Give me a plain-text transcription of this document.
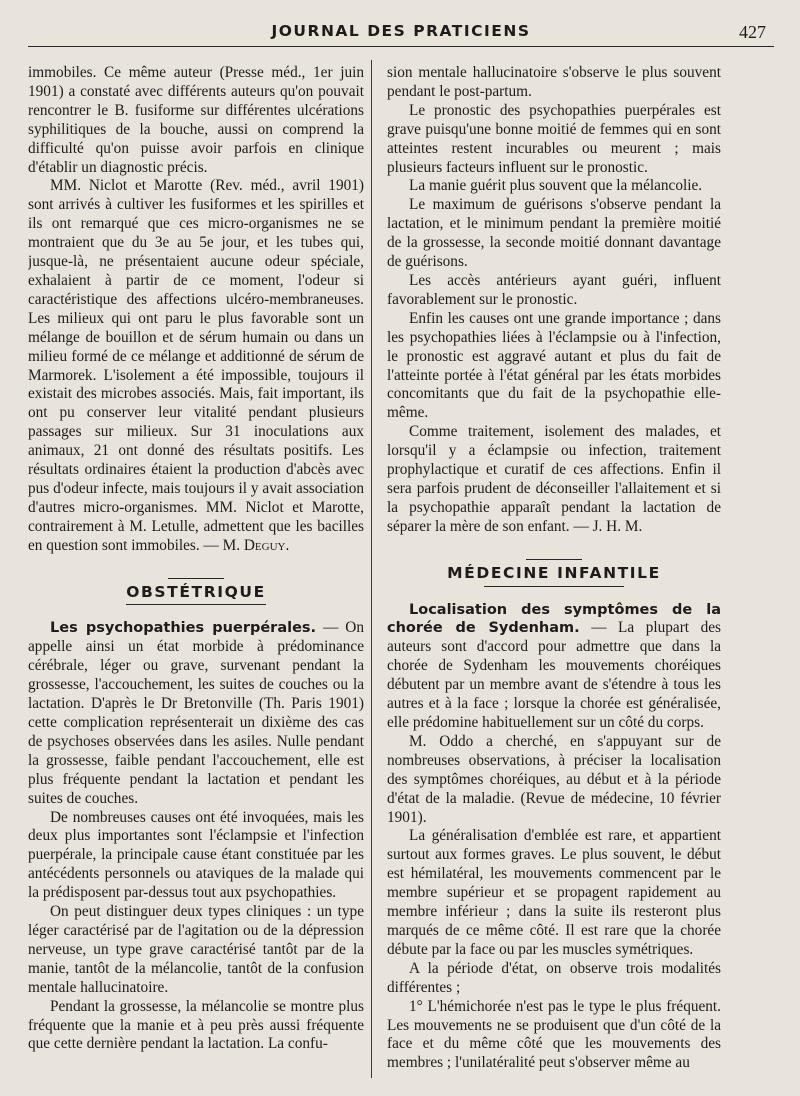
JOURNAL DES PRATICIENS	427

immobiles. Ce même auteur (Presse méd., 1er juin 1901) a constaté avec différents auteurs qu'on pouvait rencontrer le B. fusiforme sur différentes ulcérations syphilitiques de la bouche, aussi on comprend la difficulté qu'on puisse avoir parfois en clinique d'établir un diagnostic précis.

MM. Niclot et Marotte (Rev. méd., avril 1901) sont arrivés à cultiver les fusiformes et les spirilles et ils ont remarqué que ces micro-organismes ne se montraient que du 3e au 5e jour, et les tubes qui, jusque-là, ne présentaient aucune odeur spéciale, exhalaient à partir de ce moment, l'odeur si caractéristique des affections ulcéro-membraneuses. Les milieux qui ont paru le plus favorable sont un mélange de bouillon et de sérum humain ou dans un milieu formé de ce mélange et additionné de sérum de Marmorek. L'isolement a été impossible, toujours il existait des microbes associés. Mais, fait important, ils ont pu conserver leur vitalité pendant plusieurs passages sur milieux. Sur 31 inoculations aux animaux, 21 ont donné des résultats positifs. Les résultats ordinaires étaient la production d'abcès avec pus d'odeur infecte, mais toujours il y avait association d'autres micro-organismes. MM. Niclot et Marotte, contrairement à M. Letulle, admettent que les bacilles en question sont immobiles. — M. Deguy.

OBSTÉTRIQUE

Les psychopathies puerpérales. — On appelle ainsi un état morbide à prédominance cérébrale, léger ou grave, survenant pendant la grossesse, l'accouchement, les suites de couches ou la lactation. D'après le Dr Bretonville (Th. Paris 1901) cette complication représenterait un dixième des cas de psychoses observées dans les asiles. Nulle pendant la grossesse, faible pendant l'accouchement, elle est plus fréquente pendant la lactation et pendant les suites de couches.

De nombreuses causes ont été invoquées, mais les deux plus importantes sont l'éclampsie et l'infection puerpérale, la principale cause étant constituée par les antécédents personnels ou ataviques de la malade qui la prédisposent par-dessus tout aux psychopathies.

On peut distinguer deux types cliniques : un type léger caractérisé par de l'agitation ou de la dépression nerveuse, un type grave caractérisé tantôt par de la manie, tantôt de la mélancolie, tantôt de la confusion mentale hallucinatoire.

Pendant la grossesse, la mélancolie se montre plus fréquente que la manie et à peu près aussi fréquente que cette dernière pendant la lactation. La confu-

sion mentale hallucinatoire s'observe le plus souvent pendant le post-partum.

Le pronostic des psychopathies puerpérales est grave puisqu'une bonne moitié de femmes qui en sont atteintes restent incurables ou meurent ; mais plusieurs facteurs influent sur le pronostic.

La manie guérit plus souvent que la mélancolie.

Le maximum de guérisons s'observe pendant la lactation, et le minimum pendant la première moitié de la grossesse, la seconde moitié donnant davantage de guérisons.

Les accès antérieurs ayant guéri, influent favorablement sur le pronostic.

Enfin les causes ont une grande importance ; dans les psychopathies liées à l'éclampsie ou à l'infection, le pronostic est aggravé autant et plus du fait de l'atteinte portée à l'état général par les états morbides concomitants que du fait de la psychopathie elle-même.

Comme traitement, isolement des malades, et lorsqu'il y a éclampsie ou infection, traitement prophylactique et curatif de ces affections. Enfin il sera parfois prudent de déconseiller l'allaitement et si la psychopathie apparaît pendant la lactation de séparer la mère de son enfant. — J. H. M.

MÉDECINE INFANTILE

Localisation des symptômes de la chorée de Sydenham. — La plupart des auteurs sont d'accord pour admettre que dans la chorée de Sydenham les mouvements choréiques débutent par un membre avant de s'étendre à tous les autres et à la face ; lorsque la chorée est généralisée, elle prédomine habituellement sur un côté du corps.

M. Oddo a cherché, en s'appuyant sur de nombreuses observations, à préciser la localisation des symptômes choréiques, au début et à la période d'état de la maladie. (Revue de médecine, 10 février 1901).

La généralisation d'emblée est rare, et appartient surtout aux formes graves. Le plus souvent, le début est hémilatéral, les mouvements commencent par le membre supérieur et se propagent rapidement au membre inférieur ; dans la suite ils resteront plus marqués de ce même côté. Il est rare que la chorée débute par la face ou par les muscles symétriques.

A la période d'état, on observe trois modalités différentes ;

1° L'hémichorée n'est pas le type le plus fréquent. Les mouvements ne se produisent que d'un côté de la face et du même côté que les mouvements des membres ; l'unilatéralité peut s'observer même au
